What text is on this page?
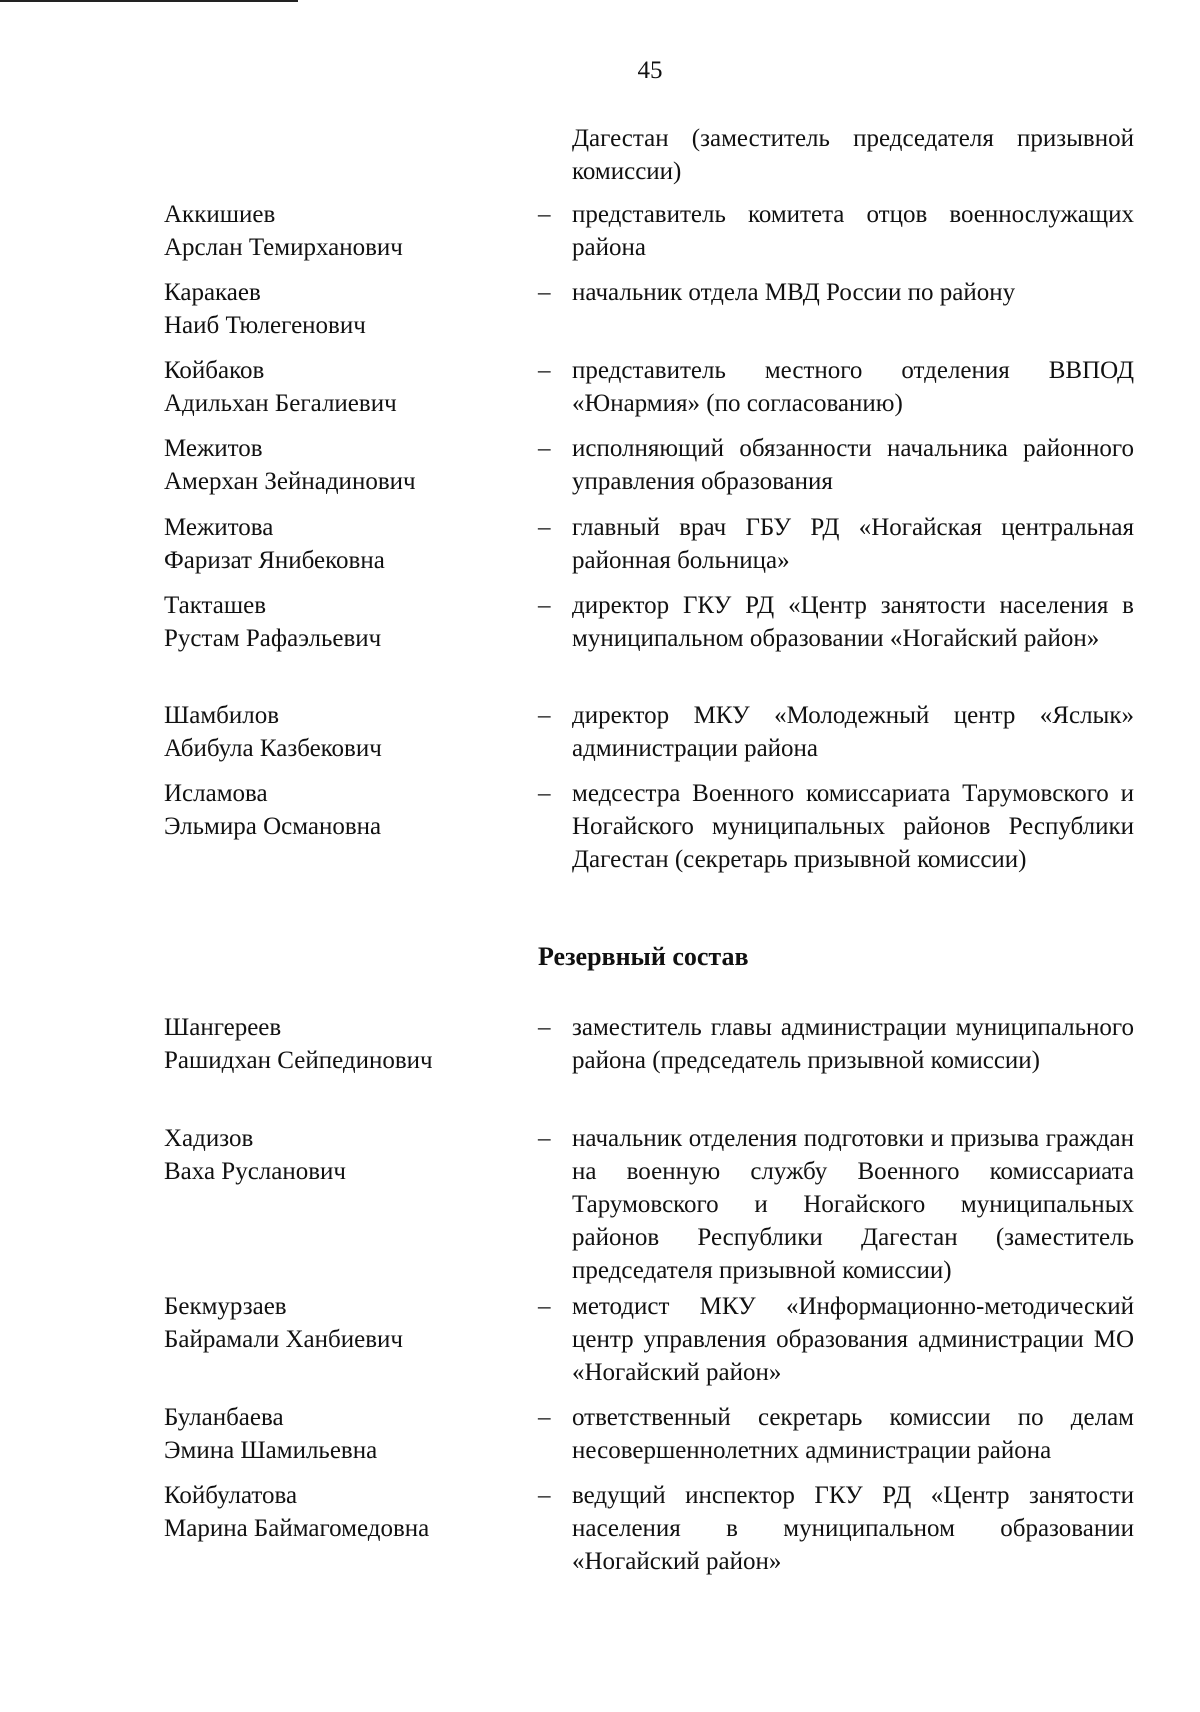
45
Дагестан (заместитель председателя призывной комиссии)
Аккишиев
Арслан Темирханович
– представитель комитета отцов военнослужащих района
Каракаев
Наиб Тюлегенович
– начальник отдела МВД России по району
Койбаков
Адильхан Бегалиевич
– представитель местного отделения ВВПОД «Юнармия» (по согласованию)
Межитов
Амерхан Зейнадинович
– исполняющий обязанности начальника районного управления образования
Межитова
Фаризат Янибековна
– главный врач ГБУ РД «Ногайская центральная районная больница»
Такташев
Рустам Рафаэльевич
– директор ГКУ РД «Центр занятости населения в муниципальном образовании «Ногайский район»
Шамбилов
Абибула Казбекович
– директор МКУ «Молодежный центр «Яслык» администрации района
Исламова
Эльмира Османовна
– медсестра Военного комиссариата Тарумовского и Ногайского муниципальных районов Республики Дагестан (секретарь призывной комиссии)
Резервный состав
Шангереев
Рашидхан Сейпединович
– заместитель главы администрации муниципального района (председатель призывной комиссии)
Хадизов
Ваха Русланович
– начальник отделения подготовки и призыва граждан на военную службу Военного комиссариата Тарумовского и Ногайского муниципальных районов Республики Дагестан (заместитель председателя призывной комиссии)
Бекмурзаев
Байрамали Ханбиевич
– методист МКУ «Информационно-методический центр управления образования администрации МО «Ногайский район»
Буланбаева
Эмина Шамильевна
– ответственный секретарь комиссии по делам несовершеннолетних администрации района
Койбулатова
Марина Баймагомедовна
– ведущий инспектор ГКУ РД «Центр занятости населения в муниципальном образовании «Ногайский район»
